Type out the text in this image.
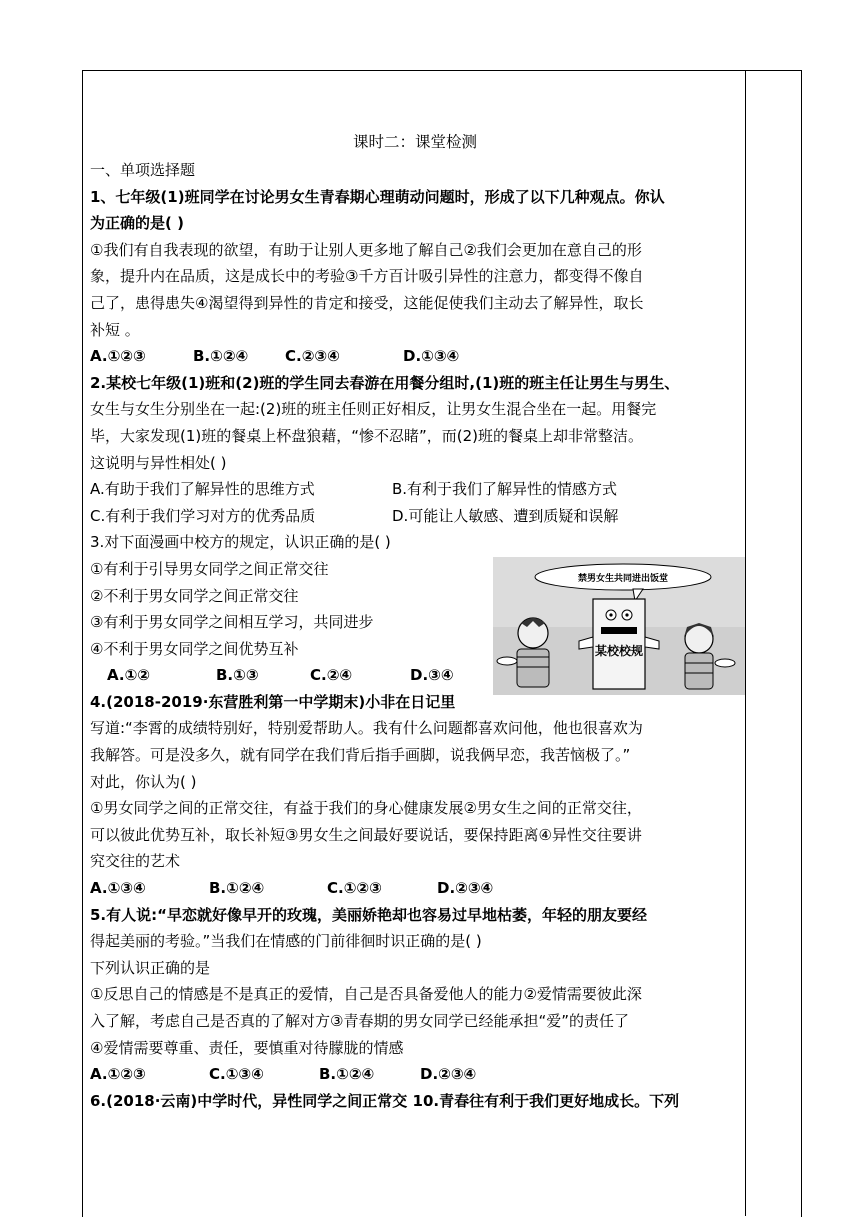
课时二：课堂检测
一、单项选择题
1、七年级(1)班同学在讨论男女生青春期心理萌动问题时，形成了以下几种观点。你认
为正确的是( )
①我们有自我表现的欲望，有助于让别人更多地了解自己②我们会更加在意自己的形
象，提升内在品质，这是成长中的考验③千方百计吸引异性的注意力，都变得不像自
己了，患得患失④渴望得到异性的肯定和接受，这能促使我们主动去了解异性，取长
补短 。
A.①②③	B.①②④ C.②③④	D.①③④
2.某校七年级(1)班和(2)班的学生同去春游在用餐分组时,(1)班的班主任让男生与男生、
女生与女生分别坐在一起:(2)班的班主任则正好相反，让男女生混合坐在一起。用餐完
毕，大家发现(1)班的餐桌上杯盘狼藉，“惨不忍睹”，而(2)班的餐桌上却非常整洁。
这说明与异性相处( )
A.有助于我们了解异性的思维方式	B.有利于我们了解异性的情感方式
C.有利于我们学习对方的优秀品质	D.可能让人敏感、遭到质疑和误解
3.对下面漫画中校方的规定，认识正确的是( )
①有利于引导男女同学之间正常交往
②不利于男女同学之间正常交往
③有利于男女同学之间相互学习，共同进步
④不利于男女同学之间优势互补
A.①②	B.①③	C.②④	D.③④
4.(2018-2019·东营胜利第一中学期末)小非在日记里
写道:“李霄的成绩特别好，特别爱帮助人。我有什么问题都喜欢问他，他也很喜欢为
我解答。可是没多久，就有同学在我们背后指手画脚，说我俩早恋，我苦恼极了。”
对此，你认为( )
①男女同学之间的正常交往，有益于我们的身心健康发展②男女生之间的正常交往，
可以彼此优势互补，取长补短③男女生之间最好要说话，要保持距离④异性交往要讲
究交往的艺术
A.①③④	B.①②④	C.①②③	D.②③④
5.有人说:“早恋就好像早开的玫瑰，美丽娇艳却也容易过早地枯萎，年轻的朋友要经
得起美丽的考验。”当我们在情感的门前徘徊时识正确的是( )
下列认识正确的是
①反思自己的情感是不是真正的爱情，自己是否具备爱他人的能力②爱情需要彼此深
入了解，考虑自己是否真的了解对方③青春期的男女同学已经能承担“爱”的责任了
④爱情需要尊重、责任，要慎重对待朦胧的情感
A.①②③	C.①③④	B.①②④	D.②③④
6.(2018·云南)中学时代，异性同学之间正常交 10.青春往有利于我们更好地成长。下列
禁男女生共同进出饭堂
某校校规
